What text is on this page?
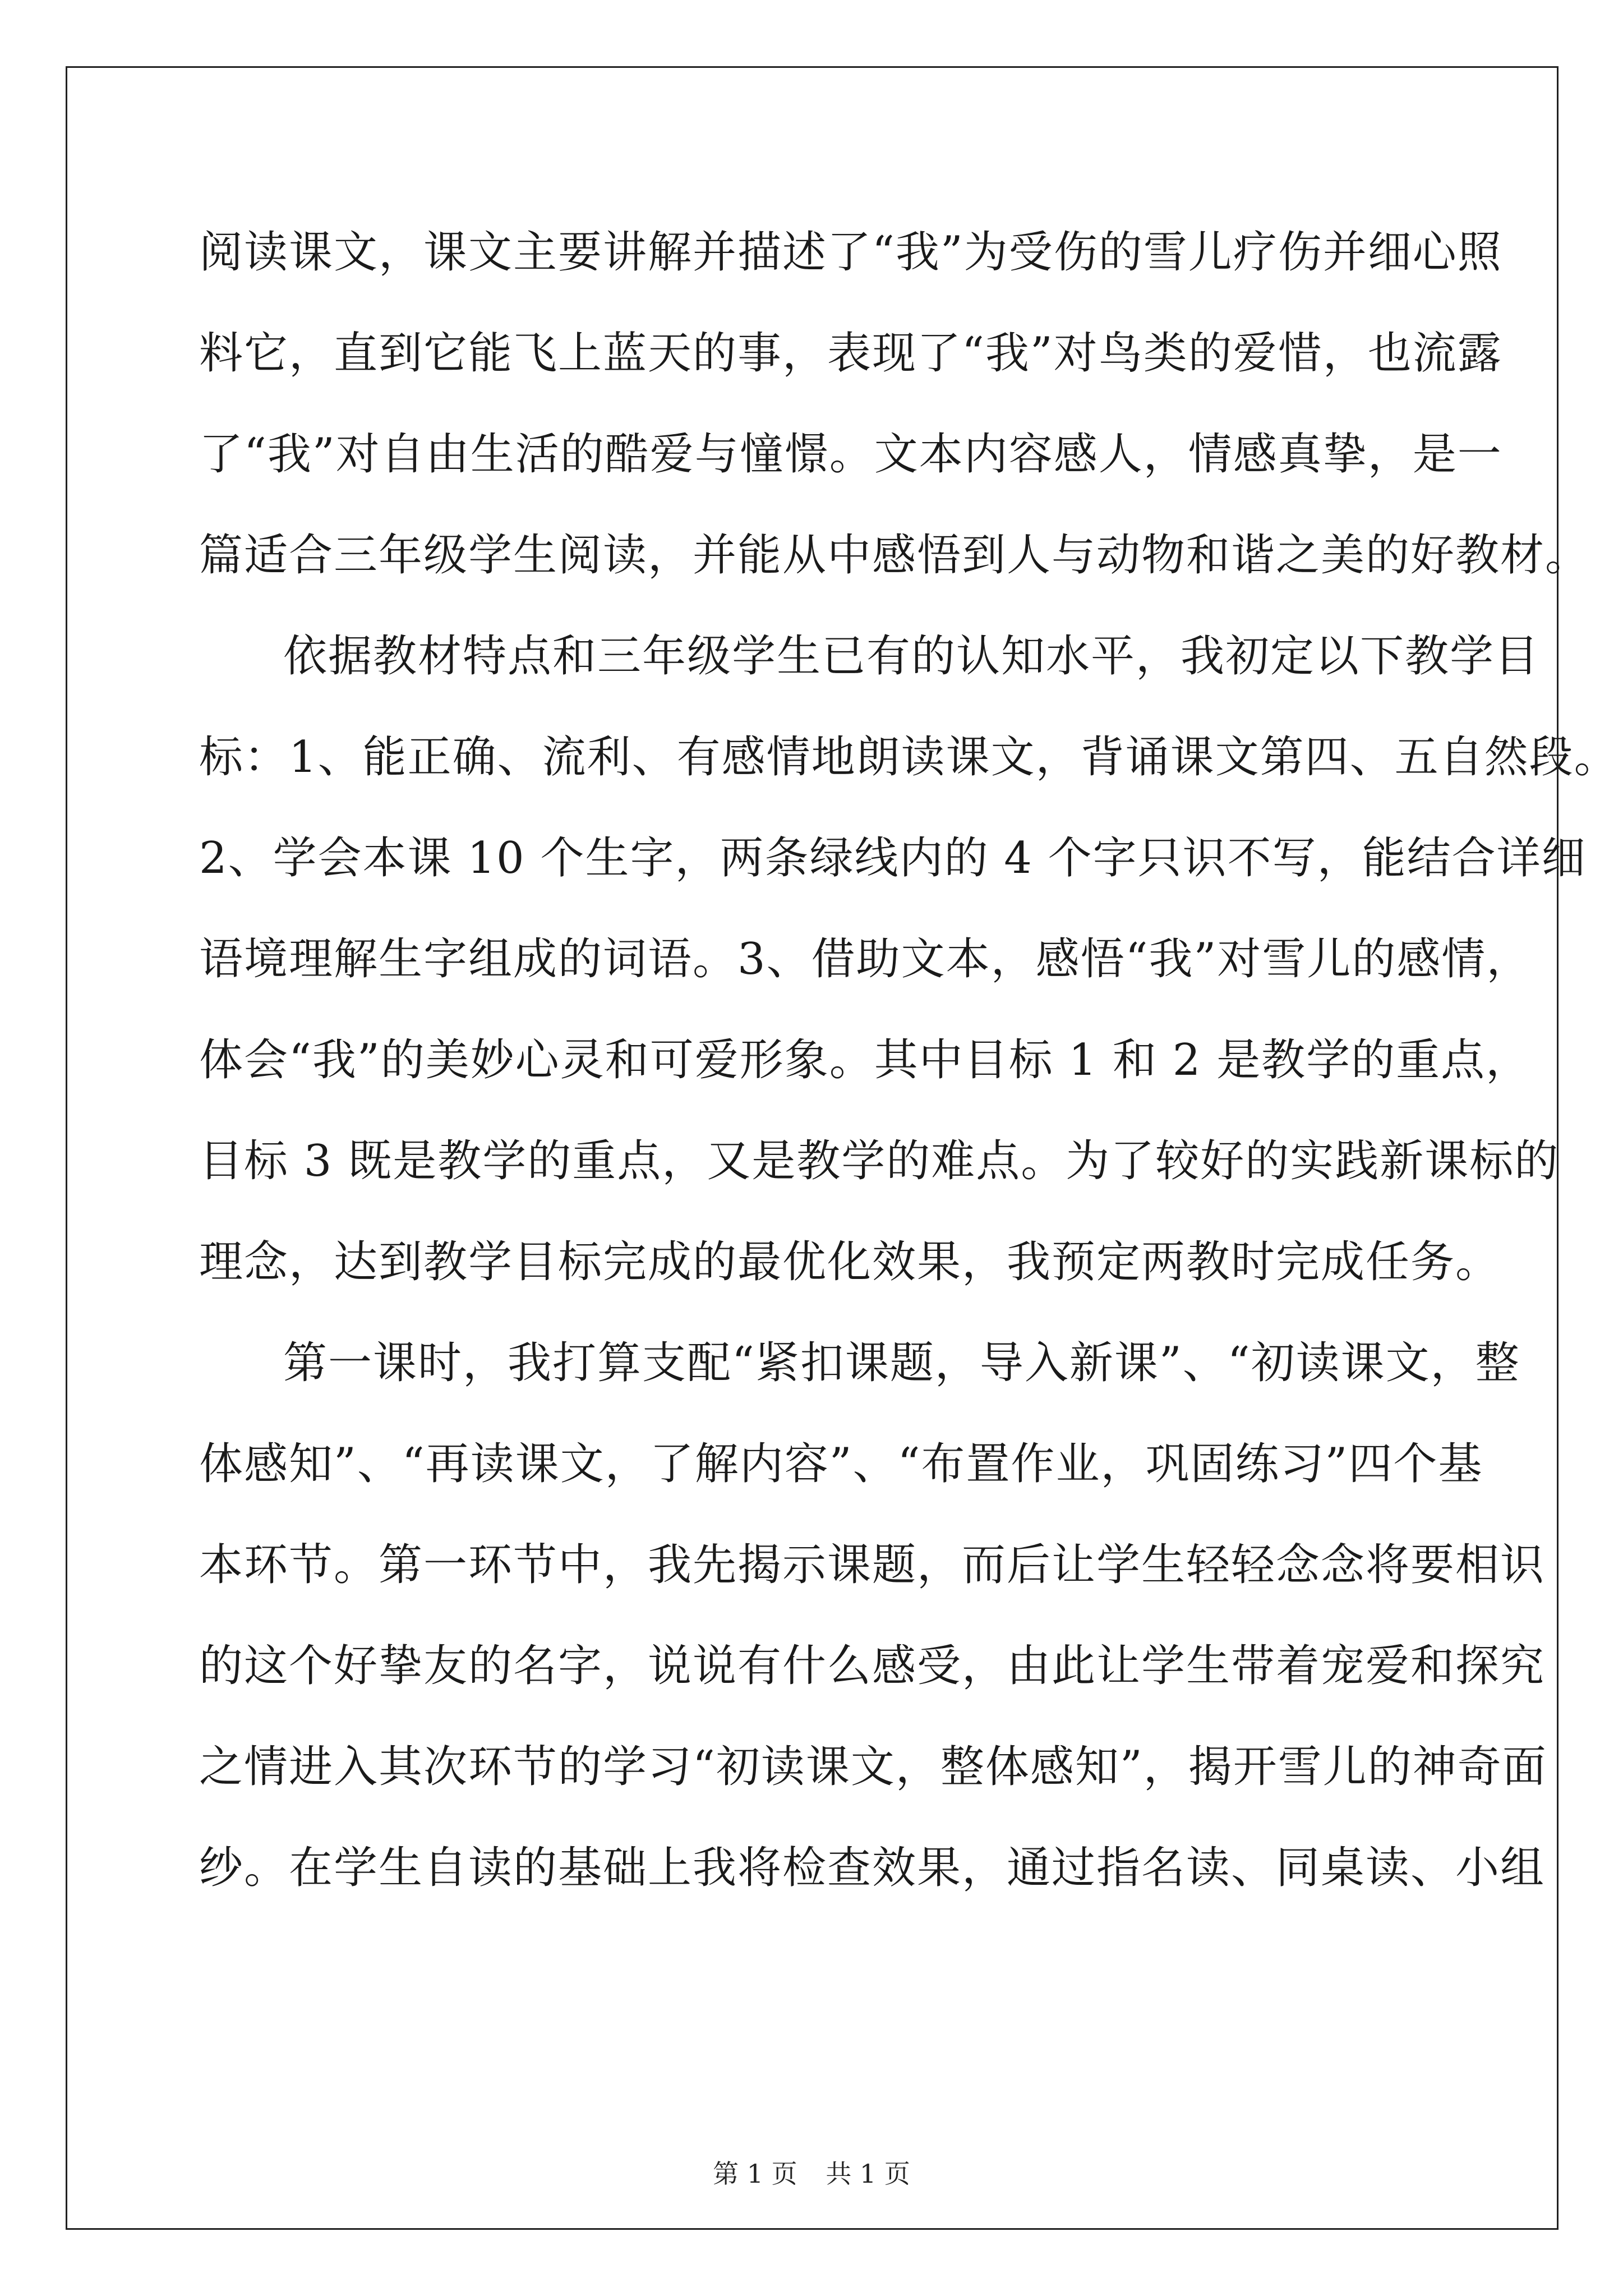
阅读课文，课文主要讲解并描述了“我”为受伤的雪儿疗伤并细心照
料它，直到它能飞上蓝天的事，表现了“我”对鸟类的爱惜，也流露
了“我”对自由生活的酷爱与憧憬。文本内容感人，情感真挚，是一
篇适合三年级学生阅读，并能从中感悟到人与动物和谐之美的好教材。
依据教材特点和三年级学生已有的认知水平，我初定以下教学目
标：1、能正确、流利、有感情地朗读课文，背诵课文第四、五自然段。
2、学会本课 10 个生字，两条绿线内的 4 个字只识不写，能结合详细
语境理解生字组成的词语。3、借助文本，感悟“我”对雪儿的感情，
体会“我”的美妙心灵和可爱形象。其中目标 1 和 2 是教学的重点，
目标 3 既是教学的重点，又是教学的难点。为了较好的实践新课标的
理念，达到教学目标完成的最优化效果，我预定两教时完成任务。
第一课时，我打算支配“紧扣课题，导入新课”、“初读课文，整
体感知”、“再读课文，了解内容”、“布置作业，巩固练习”四个基
本环节。第一环节中，我先揭示课题，而后让学生轻轻念念将要相识
的这个好挚友的名字，说说有什么感受，由此让学生带着宠爱和探究
之情进入其次环节的学习“初读课文，整体感知”，揭开雪儿的神奇面
纱。在学生自读的基础上我将检查效果，通过指名读、同桌读、小组
第 1 页 共 1 页
